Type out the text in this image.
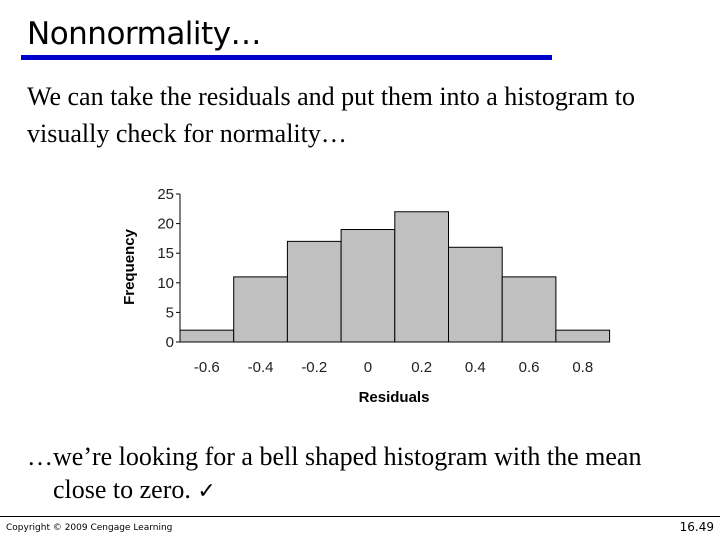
Nonnormality…
We can take the residuals and put them into a histogram to visually check for normality…
0
5
10
15
20
25
-0.6 -0.4 -0.2 0	0.2 0.4 0.6 0.8
Frequency
Residuals
…we’re looking for a bell shaped histogram with the mean
close to zero. ✓
Copyright © 2009 Cengage Learning	16.49
